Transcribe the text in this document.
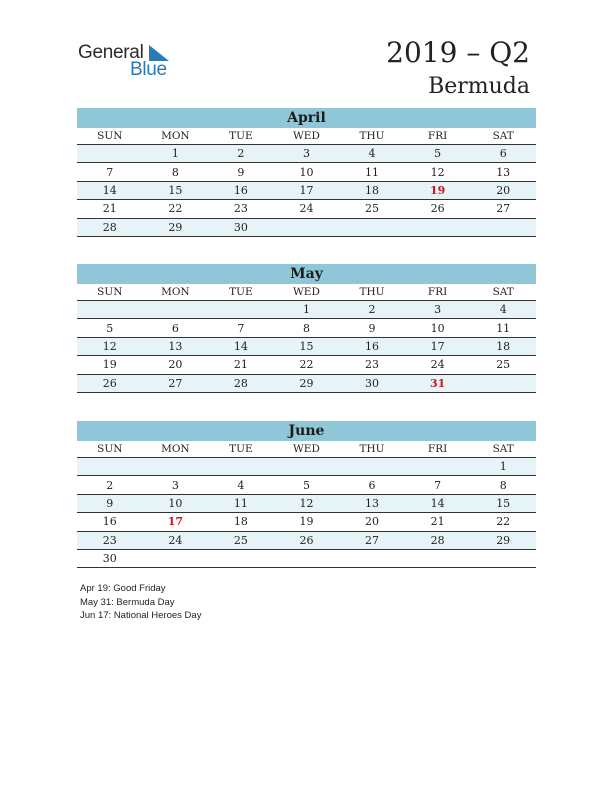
General
Blue
2019 – Q2
Bermuda
April
SUN	MON	TUE	WED	THU	FRI	SAT
	1	2	3	4	5	6
7	8	9	10	11	12	13
14	15	16	17	18	19	20
21	22	23	24	25	26	27
28	29	30				
May
SUN	MON	TUE	WED	THU	FRI	SAT
			1	2	3	4
5	6	7	8	9	10	11
12	13	14	15	16	17	18
19	20	21	22	23	24	25
26	27	28	29	30	31	
June
SUN	MON	TUE	WED	THU	FRI	SAT
						1
2	3	4	5	6	7	8
9	10	11	12	13	14	15
16	17	18	19	20	21	22
23	24	25	26	27	28	29
30						
Apr 19: Good Friday
May 31: Bermuda Day
Jun 17: National Heroes Day
